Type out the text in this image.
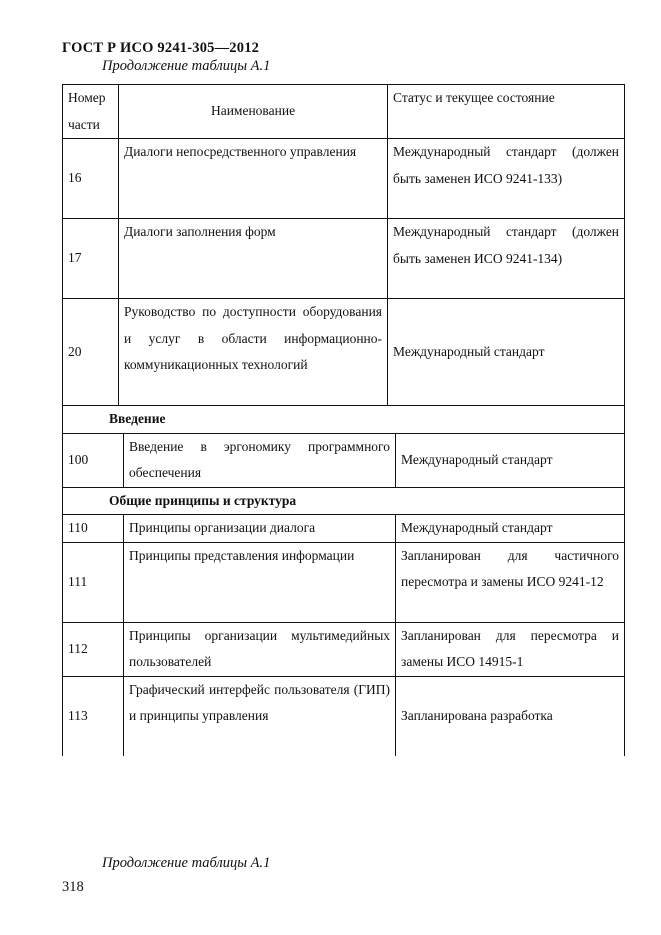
ГОСТ Р ИСО 9241-305—2012
Продолжение таблицы А.1
Номер
части	Наименование		Статус и текущее состояние	
16	Диалоги непосредственного управления		Международный стандарт (должен быть заменен ИСО 9241-133)	
17	Диалоги заполнения форм		Международный стандарт (должен быть заменен ИСО 9241-134)	
20	Руководство по доступности оборудования и услуг в области информационно-коммуникационных технологий		Международный стандарт	
Введение				
100		Введение в эргономику программного обеспечения		Международный стандарт
Общие принципы и структура				
110		Принципы организации диалога		Международный стандарт
111		Принципы представления информации		Запланирован для частичного пересмотра и замены ИСО 9241-12
112		Принципы организации мультимедийных пользователей		Запланирован для пересмотра и замены ИСО 14915-1
113		Графический интерфейс пользователя (ГИП) и принципы управления		Запланирована разработка
Продолжение таблицы А.1
318
